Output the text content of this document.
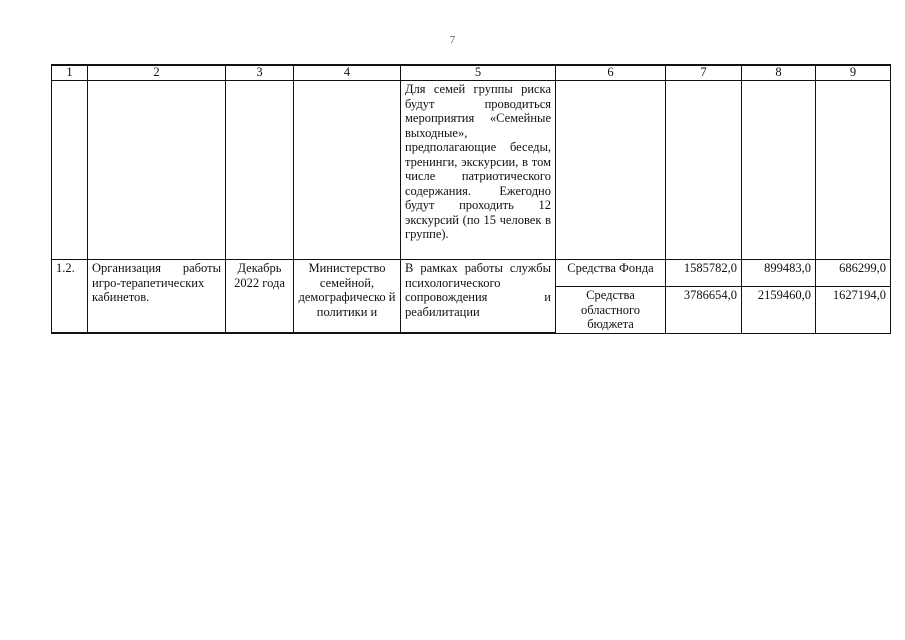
7
1	2	3	4	5	6	7	8	9
				Для семей группы риска будут проводиться мероприятия «Семейные выходные», предполагающие беседы, тренинги, экскурсии, в том числе патриотического содержания. Ежегодно будут проходить 12 экскурсий (по 15 человек в группе).				
1.2.	Организация работы игро-терапетических кабинетов.	Декабрь 2022 года	Министерство семейной, демографическо й политики и	В рамках работы службы психологического сопровождения и реабилитации	Средства Фонда	1585782,0	899483,0	686299,0
					Средства областного бюджета	3786654,0	2159460,0	1627194,0
